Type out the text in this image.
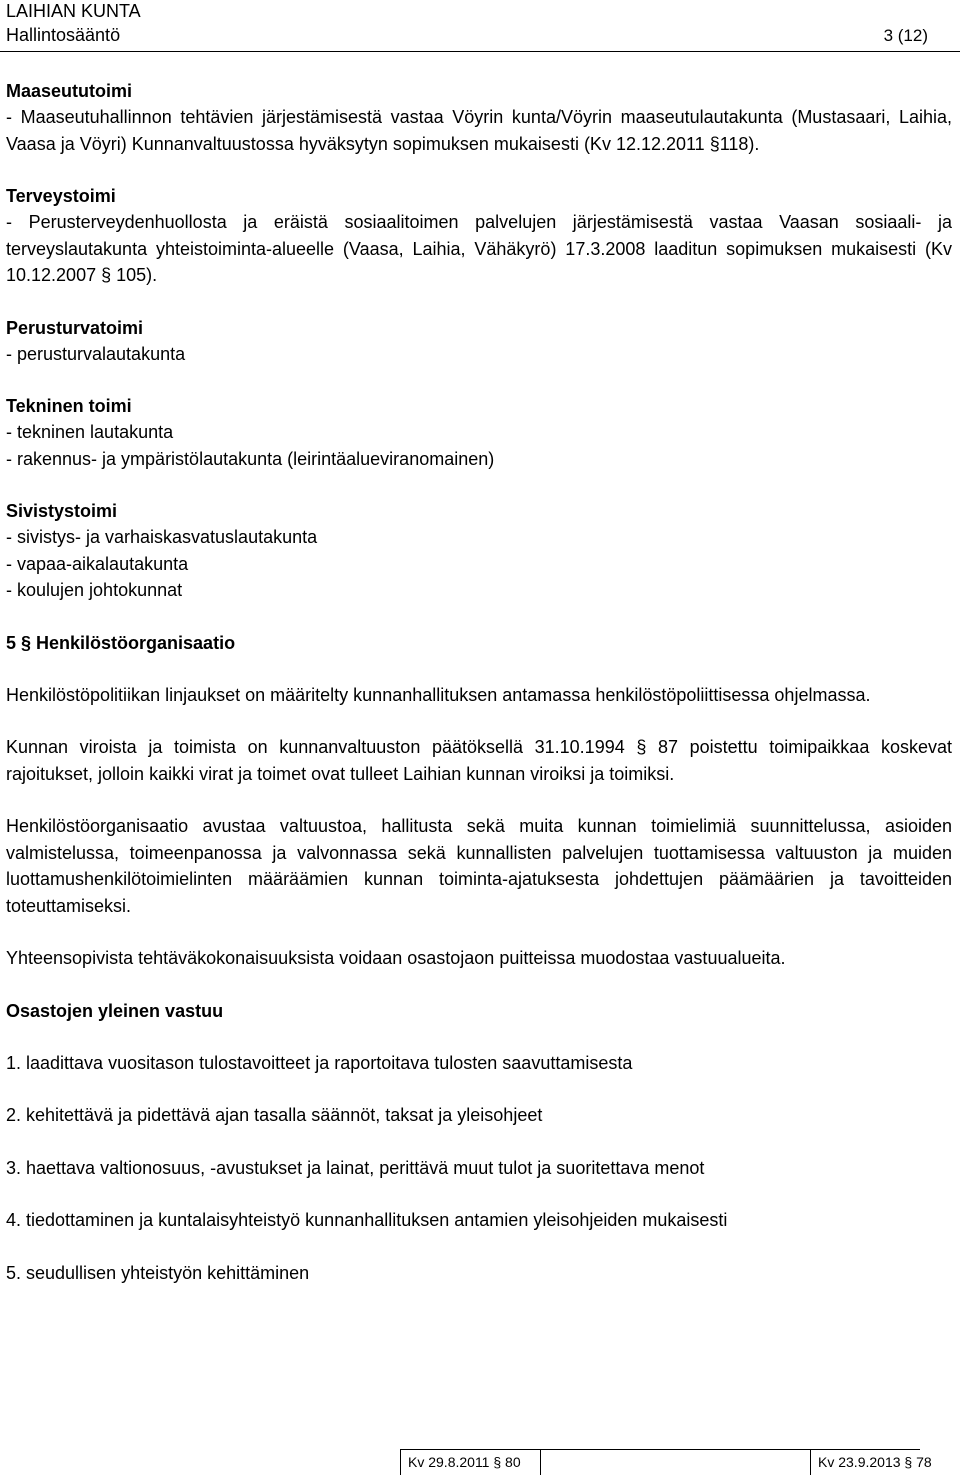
LAIHIAN KUNTA
Hallintosääntö	3 (12)

Maaseututoimi

- Maaseutuhallinnon tehtävien järjestämisestä vastaa Vöyrin kunta/Vöyrin maaseutulautakunta (Mustasaari, Laihia, Vaasa ja Vöyri) Kunnanvaltuustossa hyväksytyn sopimuksen mukaisesti (Kv 12.12.2011 §118).

Terveystoimi

- Perusterveydenhuollosta ja eräistä sosiaalitoimen palvelujen järjestämisestä vastaa Vaasan sosiaali- ja terveyslautakunta yhteistoiminta-alueelle (Vaasa, Laihia, Vähäkyrö) 17.3.2008 laaditun sopimuksen mukaisesti (Kv 10.12.2007 § 105).

Perusturvatoimi

- perusturvalautakunta

Tekninen toimi

- tekninen lautakunta

- rakennus- ja ympäristölautakunta (leirintäalueviranomainen)

Sivistystoimi

- sivistys- ja varhaiskasvatuslautakunta

- vapaa-aikalautakunta

- koulujen johtokunnat

5 § Henkilöstöorganisaatio

Henkilöstöpolitiikan linjaukset on määritelty kunnanhallituksen antamassa henkilöstöpoliittisessa ohjelmassa.

Kunnan viroista ja toimista on kunnanvaltuuston päätöksellä 31.10.1994 § 87 poistettu toimipaikkaa koskevat rajoitukset, jolloin kaikki virat ja toimet ovat tulleet Laihian kunnan viroiksi ja toimiksi.

Henkilöstöorganisaatio avustaa valtuustoa, hallitusta sekä muita kunnan toimielimiä suunnittelussa, asioiden valmistelussa, toimeenpanossa ja valvonnassa sekä kunnallisten palvelujen tuottamisessa valtuuston ja muiden luottamushenkilötoimielinten määräämien kunnan toiminta-ajatuksesta johdettujen päämäärien ja tavoitteiden toteuttamiseksi.

Yhteensopivista tehtäväkokonaisuuksista voidaan osastojaon puitteissa muodostaa vastuualueita.

Osastojen yleinen vastuu

1. laadittava vuositason tulostavoitteet ja raportoitava tulosten saavuttamisesta

2. kehitettävä ja pidettävä ajan tasalla säännöt, taksat ja yleisohjeet

3. haettava valtionosuus, -avustukset ja lainat, perittävä muut tulot ja suoritettava menot

4. tiedottaminen ja kuntalaisyhteistyö kunnanhallituksen antamien yleisohjeiden mukaisesti

5. seudullisen yhteistyön kehittäminen

Kv 29.8.2011 § 80	Kv 23.9.2013 § 78
